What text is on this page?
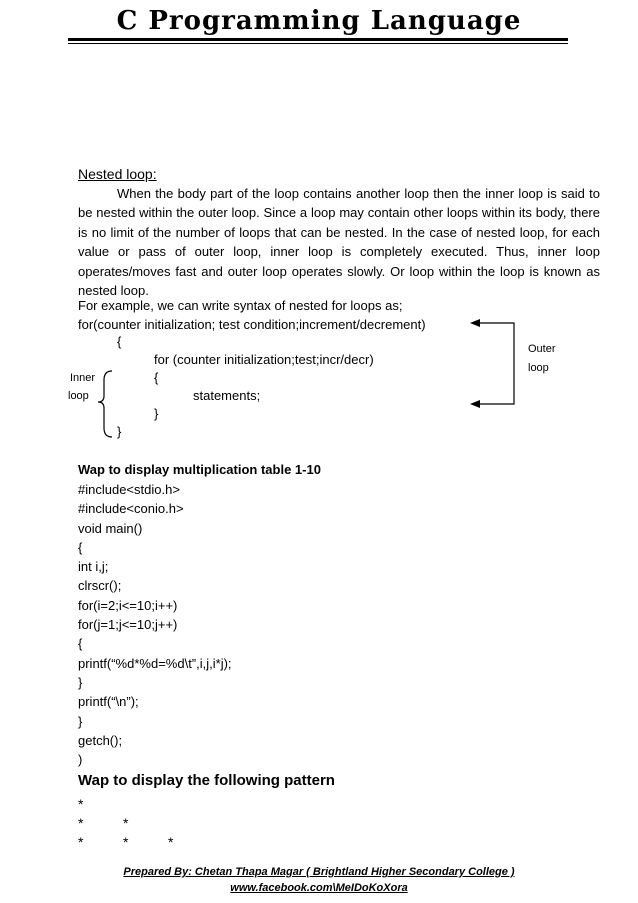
C Programming Language
Nested loop:

When the body part of the loop contains another loop then the inner loop is said to be nested within the outer loop. Since a loop may contain other loops within its body, there is no limit of the number of loops that can be nested. In the case of nested loop, for each value or pass of outer loop, inner loop is completely executed. Thus, inner loop operates/moves fast and outer loop operates slowly. Or loop within the loop is known as nested loop.

For example, we can write syntax of nested for loops as;
for(counter initialization; test condition;increment/decrement)
{
for (counter initialization;test;incr/decr)
{
statements;
}
}
Inner
loop
Outer
loop
Wap to display multiplication table 1-10
#include<stdio.h>
#include<conio.h>
void main()
{
int i,j;
clrscr();
for(i=2;i<=10;i++)
for(j=1;j<=10;j++)
{
printf(“%d*%d=%d\t”,i,j,i*j);
}
printf(“\n”);
}
getch();
)
Wap to display the following pattern
*
*	*
*	*	*
Prepared By: Chetan Thapa Magar ( Brightland Higher Secondary College )
www.facebook.com\MeIDoKoXora
